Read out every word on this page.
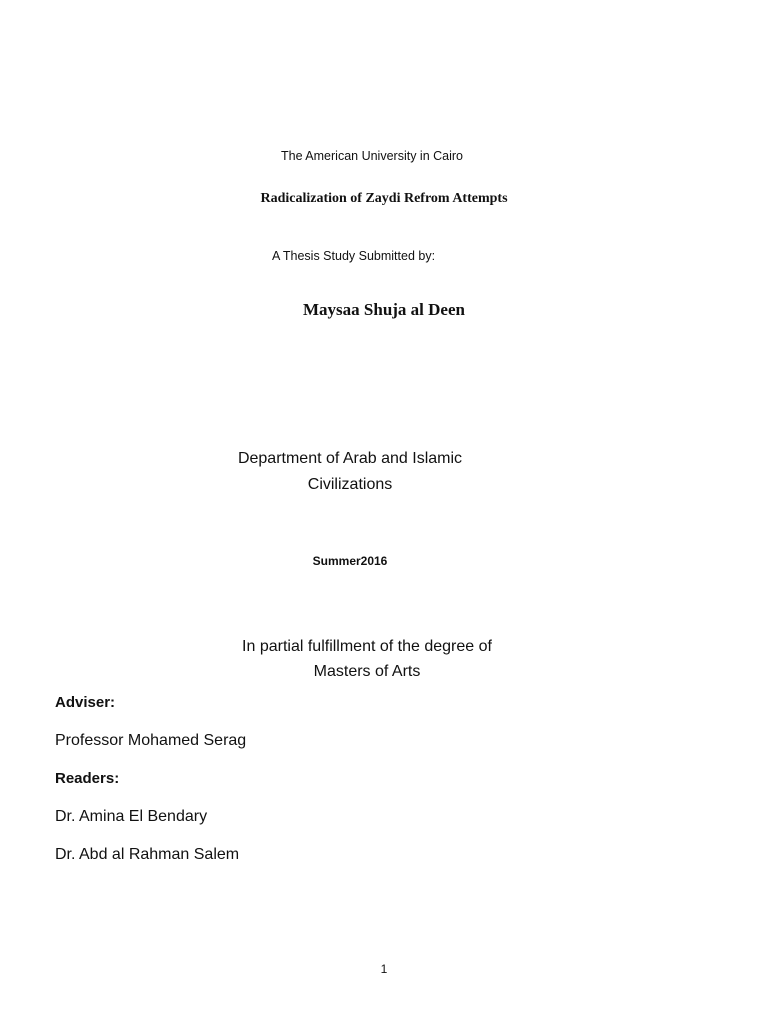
The American University in Cairo
Radicalization of Zaydi Refrom Attempts
A Thesis Study Submitted by:
Maysaa Shuja al Deen
Department of Arab and Islamic
Civilizations
Summer2016
In partial fulfillment of the degree of
Masters of Arts
Adviser:
Professor Mohamed Serag
Readers:
Dr. Amina El Bendary
Dr. Abd al Rahman Salem
1
